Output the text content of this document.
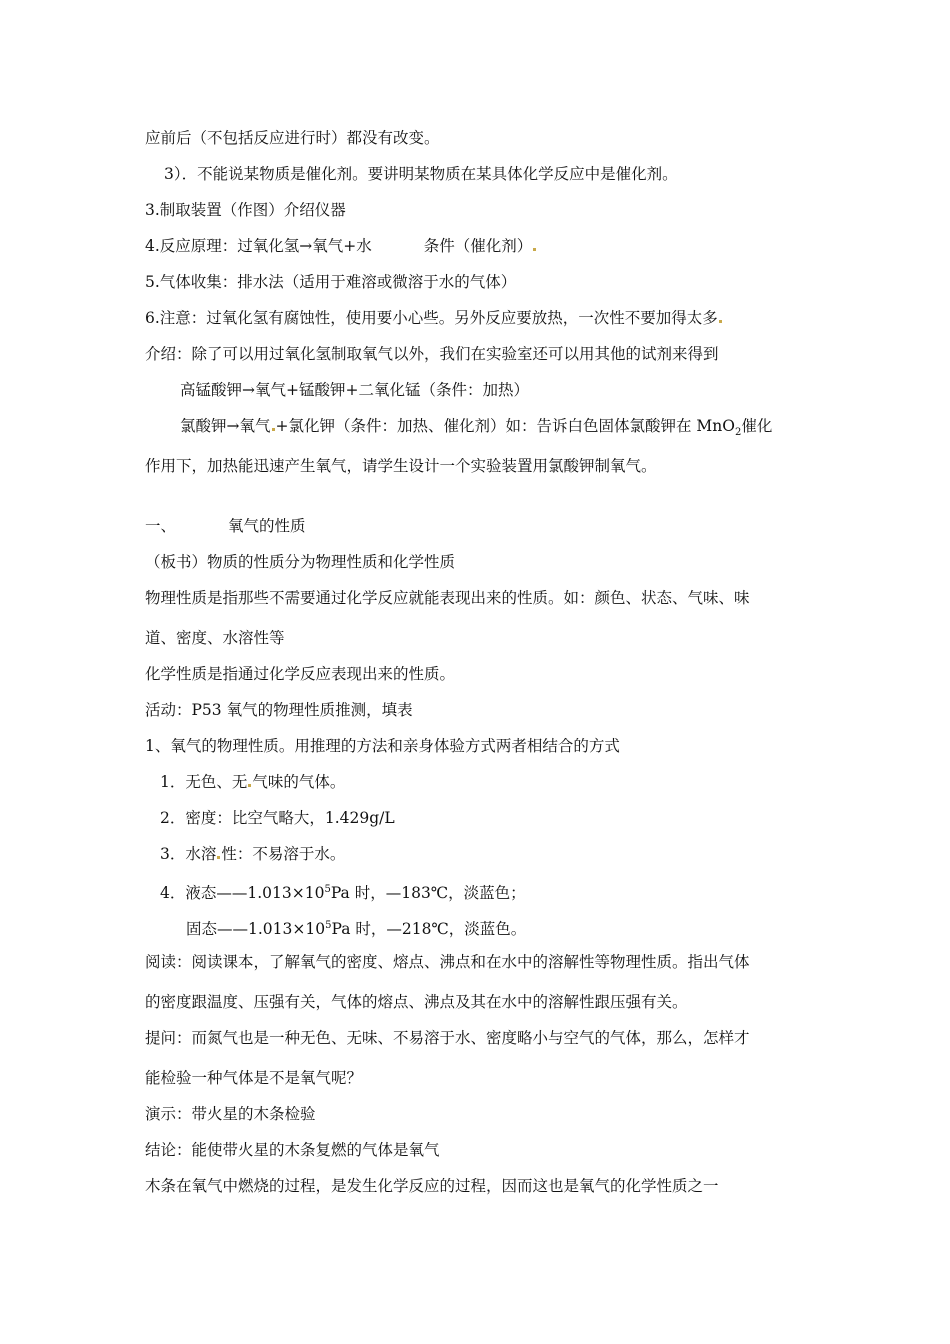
应前后（不包括反应进行时）都没有改变。
3）．不能说某物质是催化剂。要讲明某物质在某具体化学反应中是催化剂。
3.制取装置（作图）介绍仪器
4.反应原理：过氧化氢→氧气+水	条件（催化剂）
5.气体收集：排水法（适用于难溶或微溶于水的气体）
6.注意：过氧化氢有腐蚀性，使用要小心些。另外反应要放热，一次性不要加得太多
介绍：除了可以用过氧化氢制取氧气以外，我们在实验室还可以用其他的试剂来得到
高锰酸钾→氧气+锰酸钾+二氧化锰（条件：加热）
氯酸钾→氧气 +氯化钾（条件：加热、催化剂）如：告诉白色固体氯酸钾在 MnO$_2$催化
作用下，加热能迅速产生氧气，请学生设计一个实验装置用氯酸钾制氧气。
一、	氧气的性质
（板书）物质的性质分为物理性质和化学性质
物理性质是指那些不需要通过化学反应就能表现出来的性质。如：颜色、状态、气味、味
道、密度、水溶性等
化学性质是指通过化学反应表现出来的性质。
活动：P53 氧气的物理性质推测，填表
1、氧气的物理性质。用推理的方法和亲身体验方式两者相结合的方式
1．无色、无 气味的气体。
2．密度：比空气略大，1.429g/L
3．水溶 性：不易溶于水。
4．液态$——1.013\times 10^5Pa$ 时，—183℃，淡蓝色；
固态$——1.013\times 10^5Pa$ 时，—218℃，淡蓝色。
阅读：阅读课本，了解氧气的密度、熔点、沸点和在水中的溶解性等物理性质。指出气体
的密度跟温度、压强有关，气体的熔点、沸点及其在水中的溶解性跟压强有关。
提问：而氮气也是一种无色、无味、不易溶于水、密度略小与空气的气体，那么，怎样才
能检验一种气体是不是氧气呢？
演示：带火星的木条检验
结论：能使带火星的木条复燃的气体是氧气
木条在氧气中燃烧的过程，是发生化学反应的过程，因而这也是氧气的化学性质之一
